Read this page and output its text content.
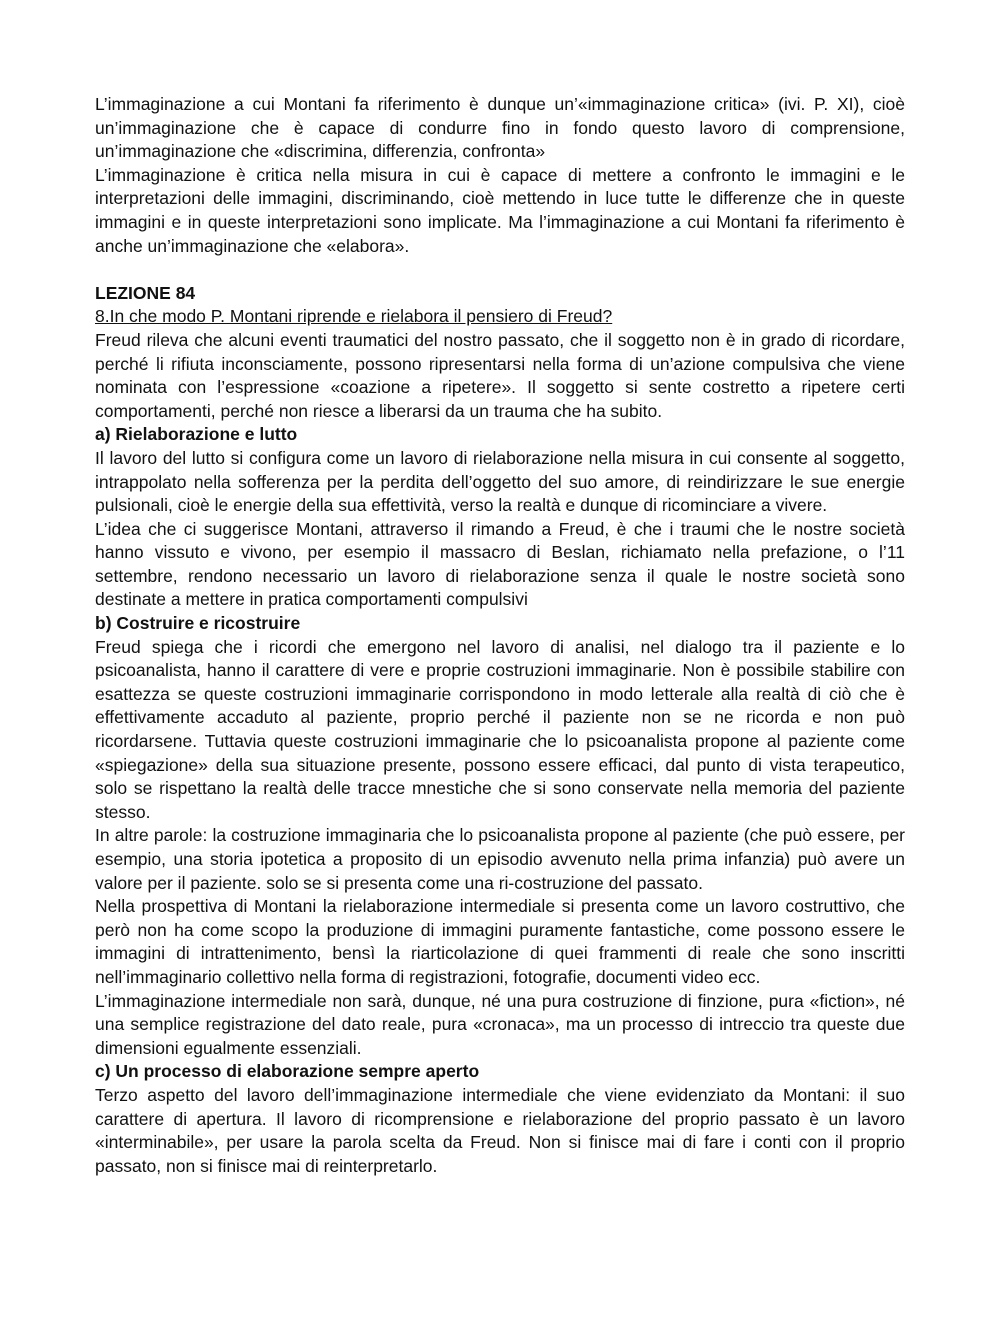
L’immaginazione a cui Montani fa riferimento è dunque un’«immaginazione critica» (ivi. P. XI), cioè un’immaginazione che è capace di condurre fino in fondo questo lavoro di comprensione, un’immaginazione che «discrimina, differenzia, confronta»

L’immaginazione è critica nella misura in cui è capace di mettere a confronto le immagini e le interpretazioni delle immagini, discriminando, cioè mettendo in luce tutte le differenze che in queste immagini e in queste interpretazioni sono implicate. Ma l’immaginazione a cui Montani fa riferimento è anche un’immaginazione che «elabora».

LEZIONE 84

8.In che modo P. Montani riprende e rielabora il pensiero di Freud?

Freud rileva che alcuni eventi traumatici del nostro passato, che il soggetto non è in grado di ricordare, perché li rifiuta inconsciamente, possono ripresentarsi nella forma di un’azione compulsiva che viene nominata con l’espressione «coazione a ripetere». Il soggetto si sente costretto a ripetere certi comportamenti, perché non riesce a liberarsi da un trauma che ha subito.

a) Rielaborazione e lutto

Il lavoro del lutto si configura come un lavoro di rielaborazione nella misura in cui consente al soggetto, intrappolato nella sofferenza per la perdita dell’oggetto del suo amore, di reindirizzare le sue energie pulsionali, cioè le energie della sua effettività, verso la realtà e dunque di ricominciare a vivere.

L’idea che ci suggerisce Montani, attraverso il rimando a Freud, è che i traumi che le nostre società hanno vissuto e vivono, per esempio il massacro di Beslan, richiamato nella prefazione, o l’11 settembre, rendono necessario un lavoro di rielaborazione senza il quale le nostre società sono destinate a mettere in pratica comportamenti compulsivi

b) Costruire e ricostruire

Freud spiega che i ricordi che emergono nel lavoro di analisi, nel dialogo tra il paziente e lo psicoanalista, hanno il carattere di vere e proprie costruzioni immaginarie. Non è possibile stabilire con esattezza se queste costruzioni immaginarie corrispondono in modo letterale alla realtà di ciò che è effettivamente accaduto al paziente, proprio perché il paziente non se ne ricorda e non può ricordarsene. Tuttavia queste costruzioni immaginarie che lo psicoanalista propone al paziente come «spiegazione» della sua situazione presente, possono essere efficaci, dal punto di vista terapeutico, solo se rispettano la realtà delle tracce mnestiche che si sono conservate nella memoria del paziente stesso.

In altre parole: la costruzione immaginaria che lo psicoanalista propone al paziente (che può essere, per esempio, una storia ipotetica a proposito di un episodio avvenuto nella prima infanzia) può avere un valore per il paziente. solo se si presenta come una ri-costruzione del passato.

Nella prospettiva di Montani la rielaborazione intermediale si presenta come un lavoro costruttivo, che però non ha come scopo la produzione di immagini puramente fantastiche, come possono essere le immagini di intrattenimento, bensì la riarticolazione di quei frammenti di reale che sono inscritti nell’immaginario collettivo nella forma di registrazioni, fotografie, documenti video ecc.

L’immaginazione intermediale non sarà, dunque, né una pura costruzione di finzione, pura «fiction», né una semplice registrazione del dato reale, pura «cronaca», ma un processo di intreccio tra queste due dimensioni egualmente essenziali.

c) Un processo di elaborazione sempre aperto

Terzo aspetto del lavoro dell’immaginazione intermediale che viene evidenziato da Montani: il suo carattere di apertura. Il lavoro di ricomprensione e rielaborazione del proprio passato è un lavoro «interminabile», per usare la parola scelta da Freud. Non si finisce mai di fare i conti con il proprio passato, non si finisce mai di reinterpretarlo.
